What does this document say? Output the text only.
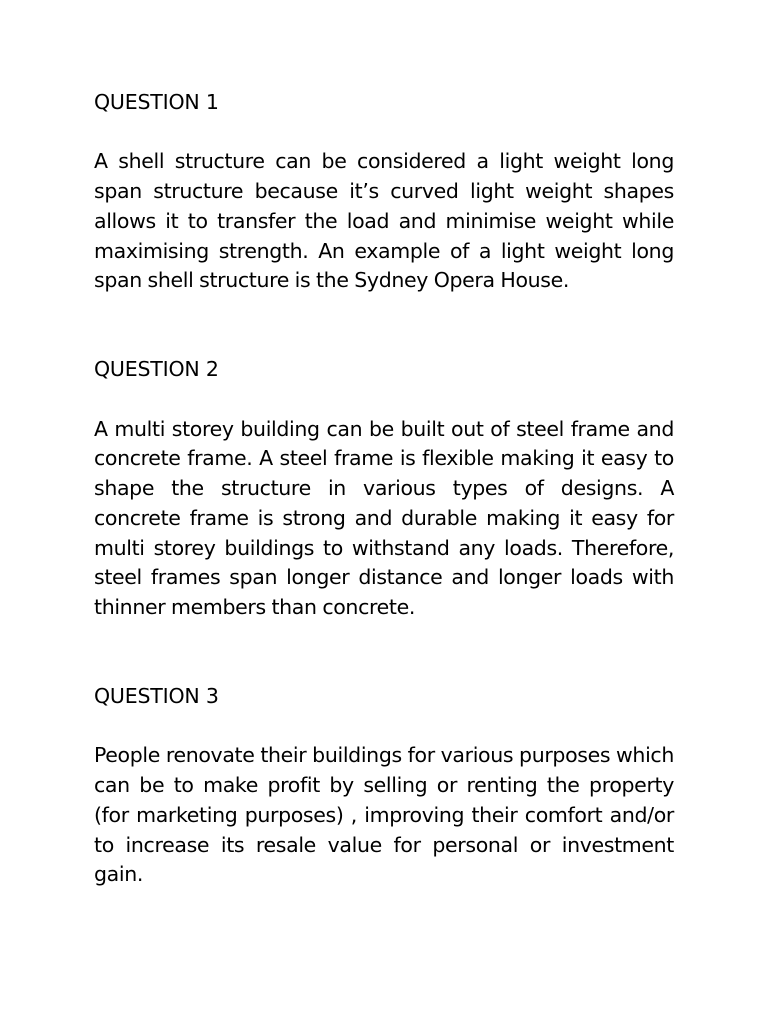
QUESTION 1

A shell structure can be considered a light weight long span structure because it’s curved light weight shapes allows it to transfer the load and minimise weight while maximising strength. An example of a light weight long span shell structure is the Sydney Opera House.

QUESTION 2

A multi storey building can be built out of steel frame and concrete frame. A steel frame is flexible making it easy to shape the structure in various types of designs. A concrete frame is strong and durable making it easy for multi storey buildings to withstand any loads. Therefore, steel frames span longer distance and longer loads with thinner members than concrete.

QUESTION 3

People renovate their buildings for various purposes which can be to make profit by selling or renting the property (for marketing purposes) , improving their comfort and/or to increase its resale value for personal or investment gain.
